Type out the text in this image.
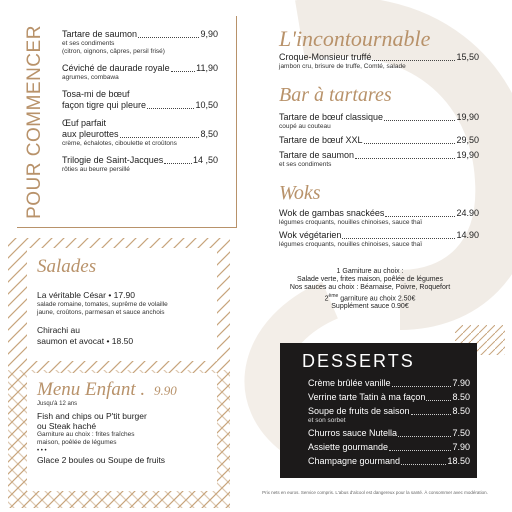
POUR COMMENCER Tartare de saumon	9,90
et ses condiments
(citron, oignons, câpres, persil frisé)
Céviché de daurade royale	11,90
agrumes, combawa
Tosa-mi de bœuf
façon tigre qui pleure	10,50
Œuf parfait
aux pleurottes	8,50
crème, échalotes, ciboulette et croûtons
Trilogie de Saint-Jacques	14 ,50
rôties au beurre persillé
L'incontournable
Croque-Monsieur truffé	15,50
jambon cru, brisure de truffe, Comté, salade
Bar à tartares
Tartare de bœuf classique	19,90
coupé au couteau
Tartare de bœuf XXL	29,50
Tartare de saumon	19,90
et ses condiments
Woks
Wok de gambas snackées	24.90
légumes croquants, nouilles chinoises, sauce thaï
Wok végétarien	14.90
légumes croquants, nouilles chinoises, sauce thaï
1 Garniture au choix :
Salade verte, frites maison, poêlée de légumes
Nos sauces au choix : Béarnaise, Poivre, Roquefort
2ème garniture au choix 2.50€
Supplément sauce 0.90€
Salades
La véritable César • 17.90
salade romaine, tomates, suprême de volaille
jaune, croûtons, parmesan et sauce anchois
Chirachi au
saumon et avocat • 18.50
Menu Enfant . 9.90
Jusqu'à 12 ans
Fish and chips ou P'tit burger
ou Steak haché
Garniture au choix : frites fraîches
maison, poêlée de légumes
• • •
Glace 2 boules ou Soupe de fruits
DESSERTS
Crème brûlée vanille	7.90
Verrine tarte Tatin à ma façon	8.50
Soupe de fruits de saison	8.50
et son sorbet
Churros sauce Nutella	7.50
Assiette gourmande	7.90
Champagne gourmand	18.50
Prix nets en euros. Service compris. L'abus d'alcool est dangereux pour la santé. À consommer avec modération.
